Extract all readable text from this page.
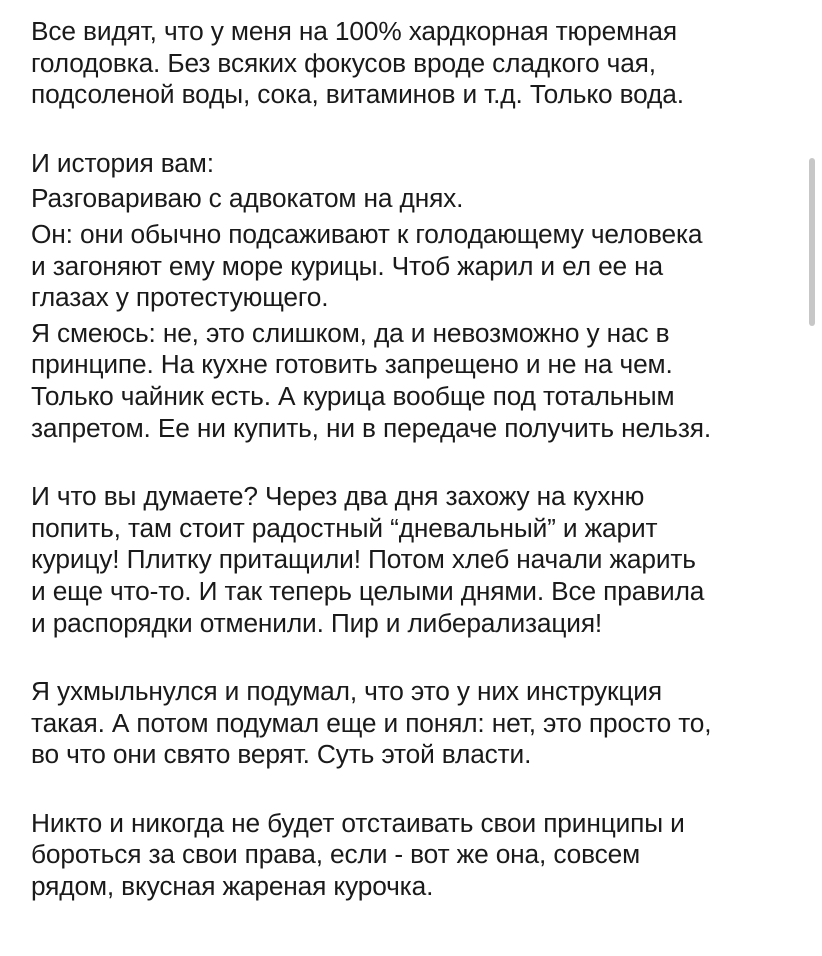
Все видят, что у меня на 100% хардкорная тюремная
голодовка. Без всяких фокусов вроде сладкого чая,
подсоленой воды, сока, витаминов и т.д. Только вода.
И история вам:
Разговариваю с адвокатом на днях.
Он: они обычно подсаживают к голодающему человека
и загоняют ему море курицы. Чтоб жарил и ел ее на
глазах у протестующего.
Я смеюсь: не, это слишком, да и невозможно у нас в
принципе. На кухне готовить запрещено и не на чем.
Только чайник есть. А курица вообще под тотальным
запретом. Ее ни купить, ни в передаче получить нельзя.
И что вы думаете? Через два дня захожу на кухню
попить, там стоит радостный “дневальный” и жарит
курицу! Плитку притащили! Потом хлеб начали жарить
и еще что-то. И так теперь целыми днями. Все правила
и распорядки отменили. Пир и либерализация!
Я ухмыльнулся и подумал, что это у них инструкция
такая. А потом подумал еще и понял: нет, это просто то,
во что они свято верят. Суть этой власти.
Никто и никогда не будет отстаивать свои принципы и
бороться за свои права, если - вот же она, совсем
рядом, вкусная жареная курочка.
